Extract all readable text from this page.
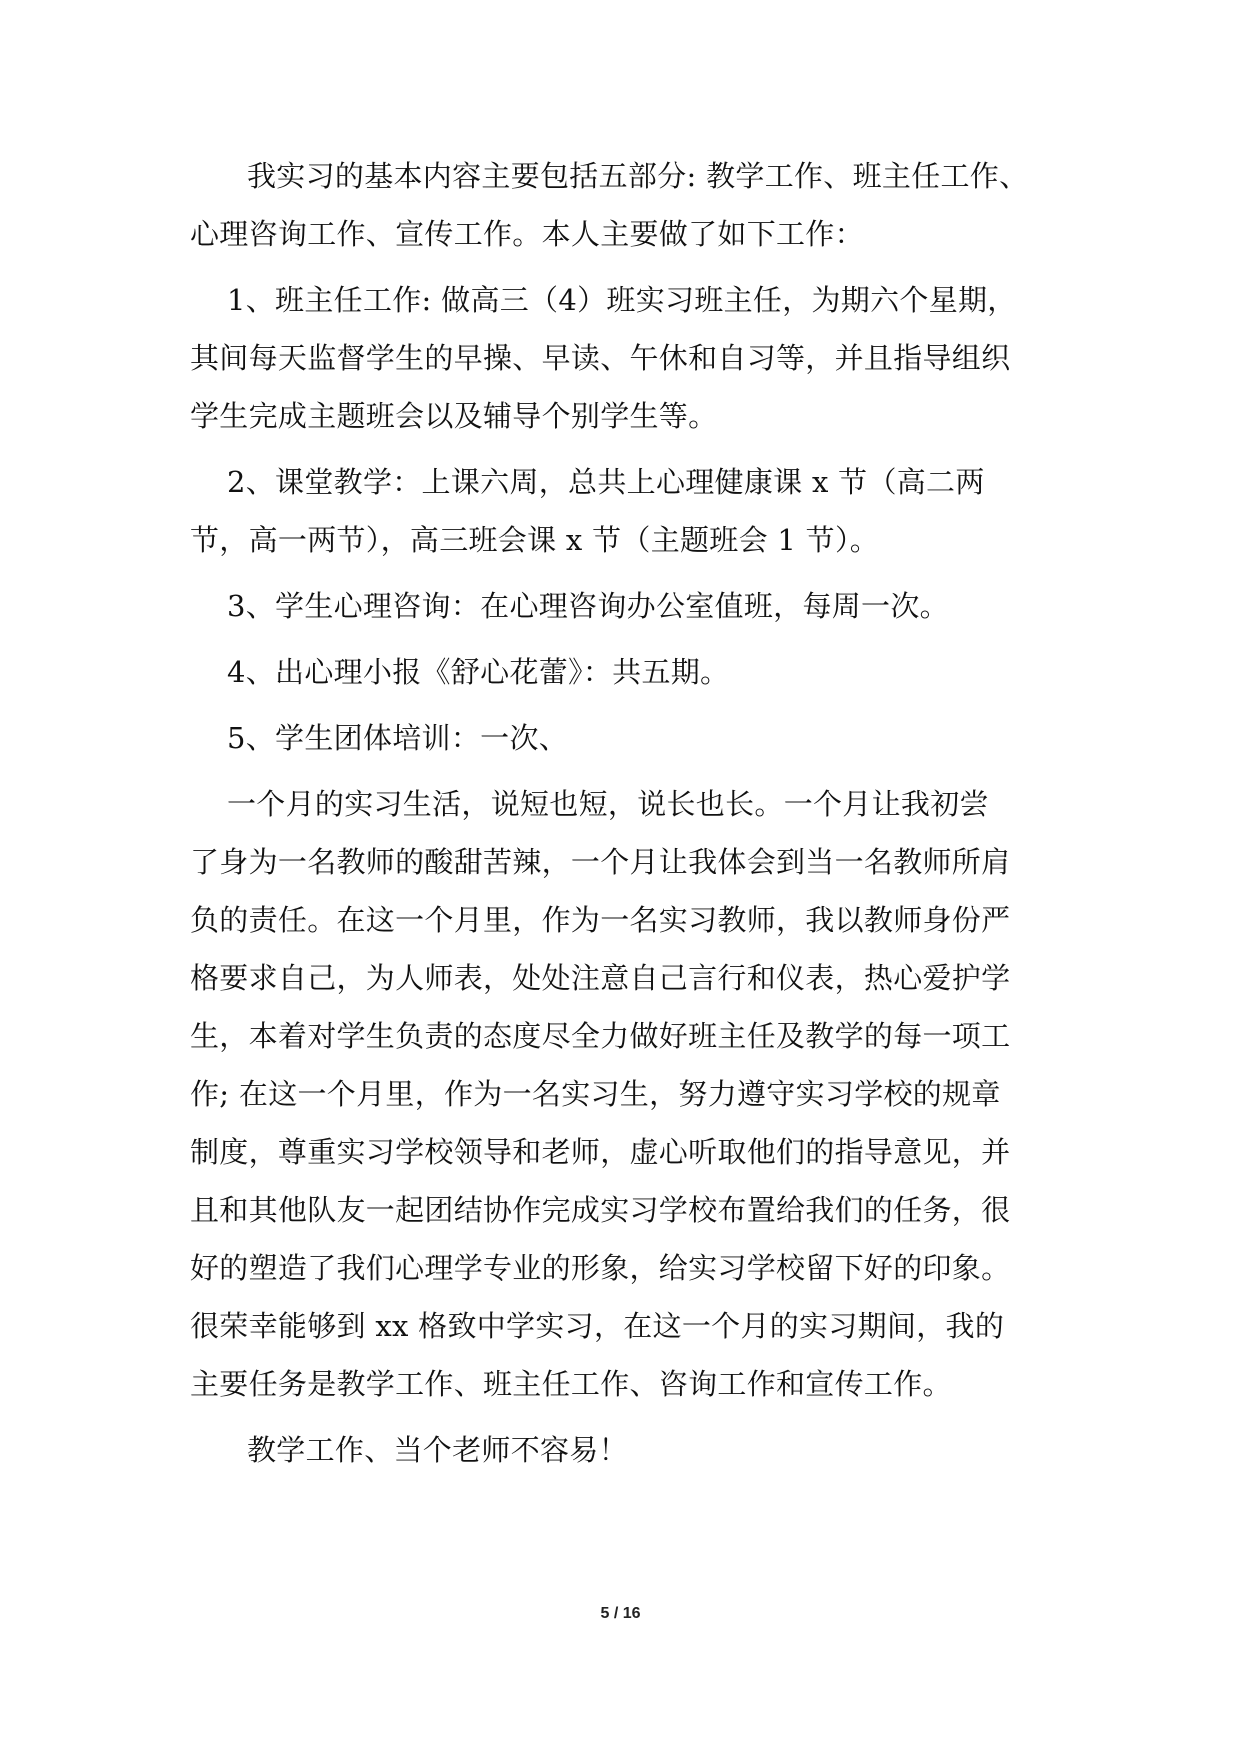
我实习的基本内容主要包括五部分: 教学工作、班主任工作、
心理咨询工作、宣传工作。本人主要做了如下工作：
1、班主任工作: 做高三（4）班实习班主任，为期六个星期，
其间每天监督学生的早操、早读、午休和自习等，并且指导组织
学生完成主题班会以及辅导个别学生等。
2、课堂教学：上课六周，总共上心理健康课 x 节（高二两
节，高一两节），高三班会课 x 节（主题班会 1 节）。
3、学生心理咨询：在心理咨询办公室值班，每周一次。
4、出心理小报《舒心花蕾》：共五期。
5、学生团体培训：一次、
一个月的实习生活，说短也短，说长也长。一个月让我初尝
了身为一名教师的酸甜苦辣，一个月让我体会到当一名教师所肩
负的责任。在这一个月里，作为一名实习教师，我以教师身份严
格要求自己，为人师表，处处注意自己言行和仪表，热心爱护学
生，本着对学生负责的态度尽全力做好班主任及教学的每一项工
作; 在这一个月里，作为一名实习生，努力遵守实习学校的规章
制度，尊重实习学校领导和老师，虚心听取他们的指导意见，并
且和其他队友一起团结协作完成实习学校布置给我们的任务，很
好的塑造了我们心理学专业的形象，给实习学校留下好的印象。
很荣幸能够到 xx 格致中学实习，在这一个月的实习期间，我的
主要任务是教学工作、班主任工作、咨询工作和宣传工作。
教学工作、当个老师不容易！
5 / 16
